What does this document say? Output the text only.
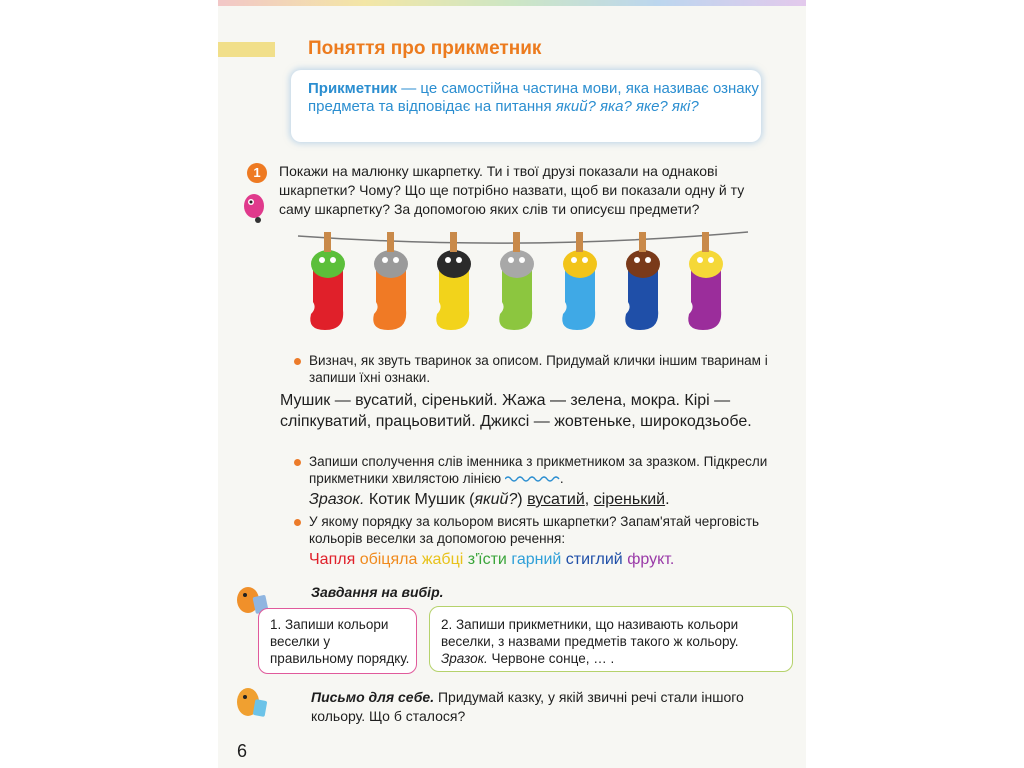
Поняття про прикметник

Прикметник — це самостійна частина мови, яка називає ознаку предмета та відповідає на питання який? яка? яке? які?

1	Покажи на малюнку шкарпетку. Ти і твої друзі показали на однакові шкарпетки? Чому? Що ще потрібно назвати, щоб ви показали одну й ту саму шкарпетку? За допомогою яких слів ти описуєш предмети?

Визнач, як звуть тваринок за описом. Придумай клички іншим тваринам і запиши їхні ознаки.

Мушик — вусатий, сіренький. Жажа — зелена, мокра. Кірі — сліпкуватий, працьовитий. Джиксі — жовтеньке, широкодзьобе.

Запиши сполучення слів іменника з прикметником за зразком. Підкресли прикметники хвилястою лінією	.

Зразок. Котик Мушик (який?) вусатий, сіренький.

У якому порядку за кольором висять шкарпетки? Запам'ятай черговість кольорів веселки за допомогою речення:

Чапля обіцяла жабці з'їсти гарний стиглий фрукт.

Завдання на вибір.

1. Запиши кольори веселки у правильному порядку.

2. Запиши прикметники, що називають кольори веселки, з назвами предметів такого ж кольору. Зразок. Червоне сонце, … .

Письмо для себе. Придумай казку, у якій звичні речі стали іншого кольору. Що б сталося?

6
